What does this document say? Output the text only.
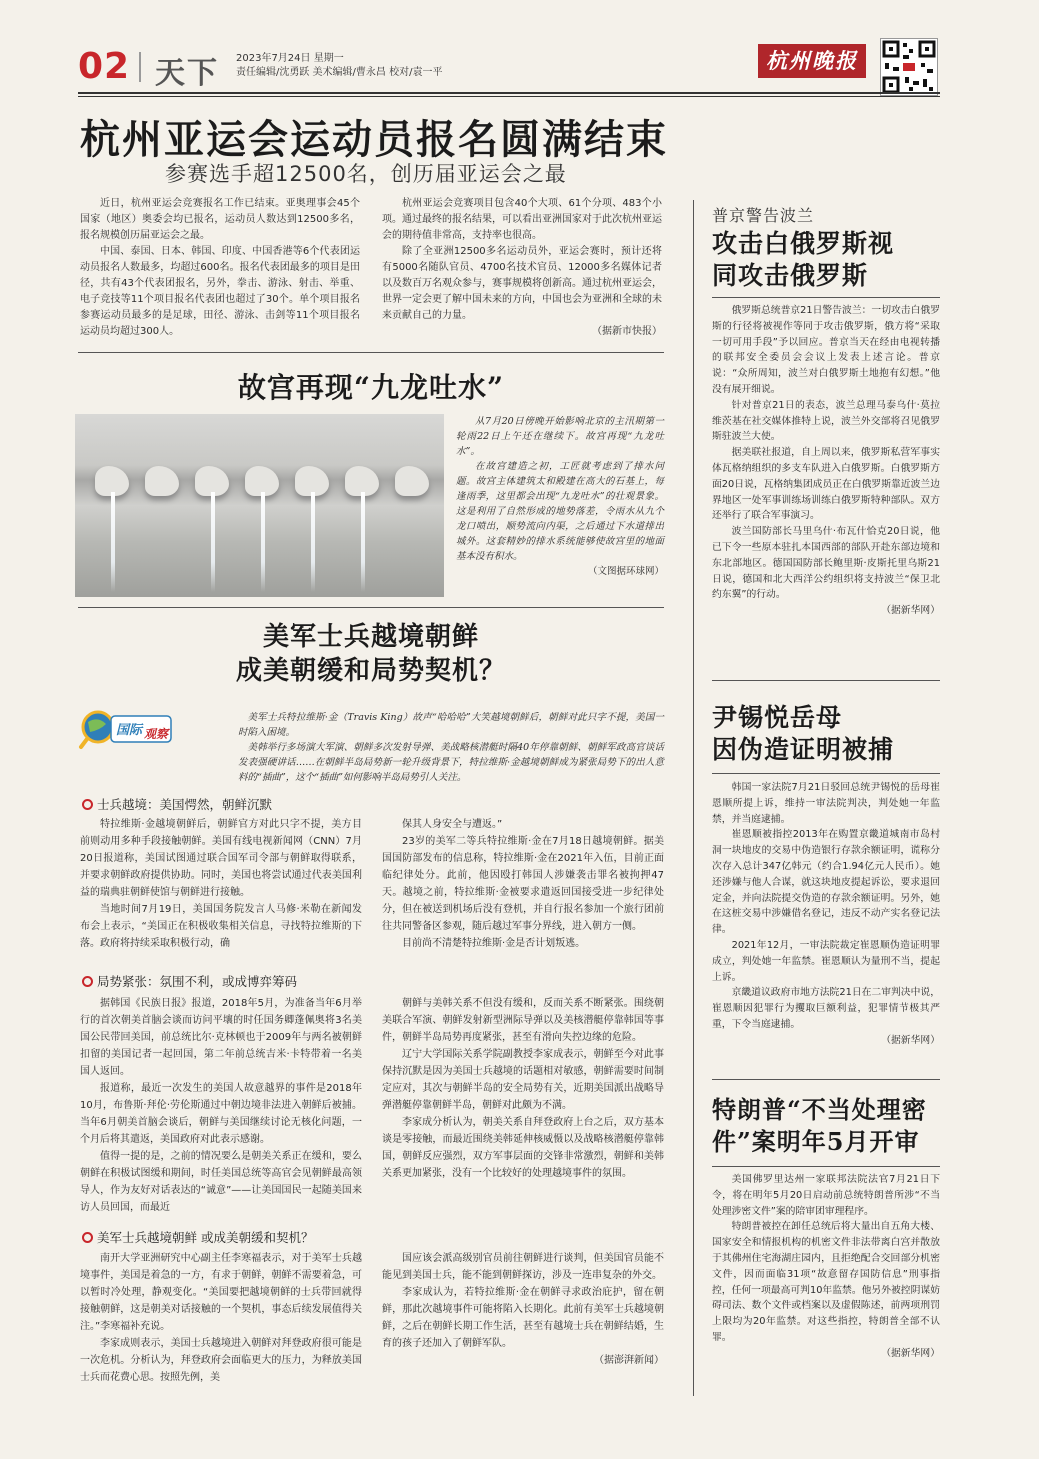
02 天下 2023年7月24日 星期一
责任编辑/沈勇跃 美术编辑/曹永昌 校对/袁一平	杭州晚报
杭州亚运会运动员报名圆满结束
参赛选手超12500名，创历届亚运会之最

近日，杭州亚运会竞赛报名工作已结束。亚奥理事会45个国家（地区）奥委会均已报名，运动员人数达到12500多名，报名规模创历届亚运会之最。

中国、泰国、日本、韩国、印度、中国香港等6个代表团运动员报名人数最多，均超过600名。报名代表团最多的项目是田径，共有43个代表团报名，另外，拳击、游泳、射击、举重、电子竞技等11个项目报名代表团也超过了30个。单个项目报名参赛运动员最多的是足球，田径、游泳、击剑等11个项目报名运动员均超过300人。

杭州亚运会竞赛项目包含40个大项、61个分项、483个小项。通过最终的报名结果，可以看出亚洲国家对于此次杭州亚运会的期待值非常高，支持率也很高。

除了全亚洲12500多名运动员外，亚运会赛时，预计还将有5000名随队官员、4700名技术官员、12000多名媒体记者以及数百万名观众参与，赛事规模将创新高。通过杭州亚运会，世界一定会更了解中国未来的方向，中国也会为亚洲和全球的未来贡献自己的力量。

（据新市快报）
故宫再现“九龙吐水”

从7月20日傍晚开始影响北京的主汛期第一轮雨22日上午还在继续下。故宫再现“九龙吐水”。

在故宫建造之初，工匠就考虑到了排水问题。故宫主体建筑太和殿建在高大的石基上，每逢雨季，这里都会出现“九龙吐水”的壮观景象。这是利用了自然形成的地势落差，令雨水从九个龙口喷出，顺势流向内渠，之后通过下水道排出城外。这套精妙的排水系统能够使故宫里的地面基本没有积水。

（文图据环球网）
美军士兵越境朝鲜
成美朝缓和局势契机？
国际 观察

美军士兵特拉维斯·金（Travis King）故声“哈哈哈”大笑越境朝鲜后，朝鲜对此只字不提，美国一时陷入困境。

美韩举行多场演大军演、朝鲜多次发射导弹、美战略核潜艇时隔40年停靠朝鲜、朝鲜军政高官谈话发表强硬讲话……在朝鲜半岛局势新一轮升级背景下，特拉维斯·金越境朝鲜成为紧张局势下的出人意料的“插曲”，这个“插曲”如何影响半岛局势引人关注。

士兵越境：美国愕然，朝鲜沉默

特拉维斯·金越境朝鲜后，朝鲜官方对此只字不提，美方目前则动用多种手段接触朝鲜。美国有线电视新闻网（CNN）7月20日报道称，美国试图通过联合国军司令部与朝鲜取得联系，并要求朝鲜政府提供协助。同时，美国也将尝试通过代表美国利益的瑞典驻朝鲜使馆与朝鲜进行接触。

当地时间7月19日，美国国务院发言人马修·米勒在新闻发布会上表示，“美国正在积极收集相关信息，寻找特拉维斯的下落。政府将持续采取积极行动，确

保其人身安全与遭返。”

23岁的美军二等兵特拉维斯·金在7月18日越境朝鲜。据美国国防部发布的信息称，特拉维斯·金在2021年入伍，目前正面临纪律处分。此前，他因殴打韩国人涉嫌袭击罪名被拘押47天。越境之前，特拉维斯·金被要求遣返回国接受进一步纪律处分，但在被送到机场后没有登机，并自行报名参加一个旅行团前往共同警备区参观，随后越过军事分界线，进入朝方一侧。

目前尚不清楚特拉维斯·金是否计划叛逃。

局势紧张：氛围不利，或成博弈筹码

据韩国《民族日报》报道，2018年5月，为准备当年6月举行的首次朝美首脑会谈而访问平壤的时任国务卿蓬佩奥将3名美国公民带回美国，前总统比尔·克林顿也于2009年与两名被朝鲜扣留的美国记者一起回国，第二年前总统吉米·卡特带着一名美国人返回。

报道称，最近一次发生的美国人故意越界的事件是2018年10月，布鲁斯·拜伦·劳伦斯通过中朝边境非法进入朝鲜后被捕。当年6月朝美首脑会谈后，朝鲜与美国继续讨论无核化问题，一个月后将其遣返，美国政府对此表示感谢。

值得一提的是，之前的情况要么是朝美关系正在缓和，要么朝鲜在积极试图缓和期间，时任美国总统等高官会见朝鲜最高领导人，作为友好对话表达的“诚意”——让美国国民一起随美国来访人员回国，而最近

朝鲜与美韩关系不但没有缓和，反而关系不断紧张。围绕朝美联合军演、朝鲜发射新型洲际导弹以及美核潜艇停靠韩国等事件，朝鲜半岛局势再度紧张，甚至有滑向失控边缘的危险。

辽宁大学国际关系学院副教授李家成表示，朝鲜至今对此事保持沉默是因为美国士兵越境的话题相对敏感，朝鲜需要时间制定应对，其次与朝鲜半岛的安全局势有关，近期美国派出战略导弹潜艇停靠朝鲜半岛，朝鲜对此颇为不满。

李家成分析认为，朝美关系自拜登政府上台之后，双方基本谈是零接触，而最近围绕美韩延伸核威慑以及战略核潜艇停靠韩国，朝鲜反应强烈，双方军事层面的交锋非常激烈，朝鲜和美韩关系更加紧张，没有一个比较好的处理越境事件的氛围。

美军士兵越境朝鲜 或成美朝缓和契机？

南开大学亚洲研究中心副主任李寒福表示，对于美军士兵越境事件，美国是着急的一方，有求于朝鲜，朝鲜不需要着急，可以暂时冷处理，静观变化。“美国要把越境朝鲜的士兵带回就得接触朝鲜，这是朝美对话接触的一个契机，事态后续发展值得关注。”李寒福补充说。

李家成则表示，美国士兵越境进入朝鲜对拜登政府很可能是一次危机。分析认为，拜登政府会面临更大的压力，为释放美国士兵而花费心思。按照先例，美

国应该会派高级别官员前往朝鲜进行谈判，但美国官员能不能见到美国士兵，能不能到朝鲜探访，涉及一连串复杂的外交。

李家成认为，若特拉维斯·金在朝鲜寻求政治庇护，留在朝鲜，那此次越境事件可能将陷入长期化。此前有美军士兵越境朝鲜，之后在朝鲜长期工作生活，甚至有越境士兵在朝鲜结婚，生育的孩子还加入了朝鲜军队。

（据澎湃新闻）
普京警告波兰
攻击白俄罗斯视
同攻击俄罗斯

俄罗斯总统普京21日警告波兰：一切攻击白俄罗斯的行径将被视作等同于攻击俄罗斯，俄方将“采取一切可用手段”予以回应。普京当天在经由电视转播的联邦安全委员会会议上发表上述言论。普京说：“众所周知，波兰对白俄罗斯土地抱有幻想。”他没有展开细说。

针对普京21日的表态，波兰总理马泰乌什·莫拉维茨基在社交媒体推特上说，波兰外交部将召见俄罗斯驻波兰大使。

据美联社报道，自上周以来，俄罗斯私营军事实体瓦格纳组织的多支车队进入白俄罗斯。白俄罗斯方面20日说，瓦格纳集团成员正在白俄罗斯靠近波兰边界地区一处军事训练场训练白俄罗斯特种部队。双方还举行了联合军事演习。

波兰国防部长马里乌什·布瓦什恰克20日说，他已下令一些原本驻扎本国西部的部队开赴东部边境和东北部地区。德国国防部长鲍里斯·皮斯托里乌斯21日说，德国和北大西洋公约组织将支持波兰“保卫北约东翼”的行动。

（据新华网）
尹锡悦岳母
因伪造证明被捕

韩国一家法院7月21日驳回总统尹锡悦的岳母崔恩顺所提上诉，维持一审法院判决，判处她一年监禁，并当庭逮捕。

崔恩顺被指控2013年在购置京畿道城南市岛村洞一块地皮的交易中伪造银行存款余额证明，谎称分次存入总计347亿韩元（约合1.94亿元人民币）。她还涉嫌与他人合谋，就这块地皮提起诉讼，要求退回定金，并向法院提交伪造的存款余额证明。另外，她在这桩交易中涉嫌借名登记，违反不动产实名登记法律。

2021年12月，一审法院裁定崔恩顺伪造证明罪成立，判处她一年监禁。崔恩顺认为量刑不当，提起上诉。

京畿道议政府市地方法院21日在二审判决中说，崔恩顺因犯罪行为攫取巨额利益，犯罪情节极其严重，下令当庭逮捕。

（据新华网）
特朗普“不当处理密
件”案明年5月开审

美国佛罗里达州一家联邦法院法官7月21日下令，将在明年5月20日启动前总统特朗普所涉“不当处理涉密文件”案的陪审团审理程序。

特朗普被控在卸任总统后将大量出自五角大楼、国家安全和情报机构的机密文件非法带离白宫并散放于其佛州住宅海湖庄园内，且拒绝配合交回部分机密文件，因而面临31项“故意留存国防信息”刑事指控，任何一项最高可判10年监禁。他另外被控阴谋妨碍司法、数个文件或档案以及虚假陈述，前两项刑罚上限均为20年监禁。对这些指控，特朗普全部不认罪。

（据新华网）
